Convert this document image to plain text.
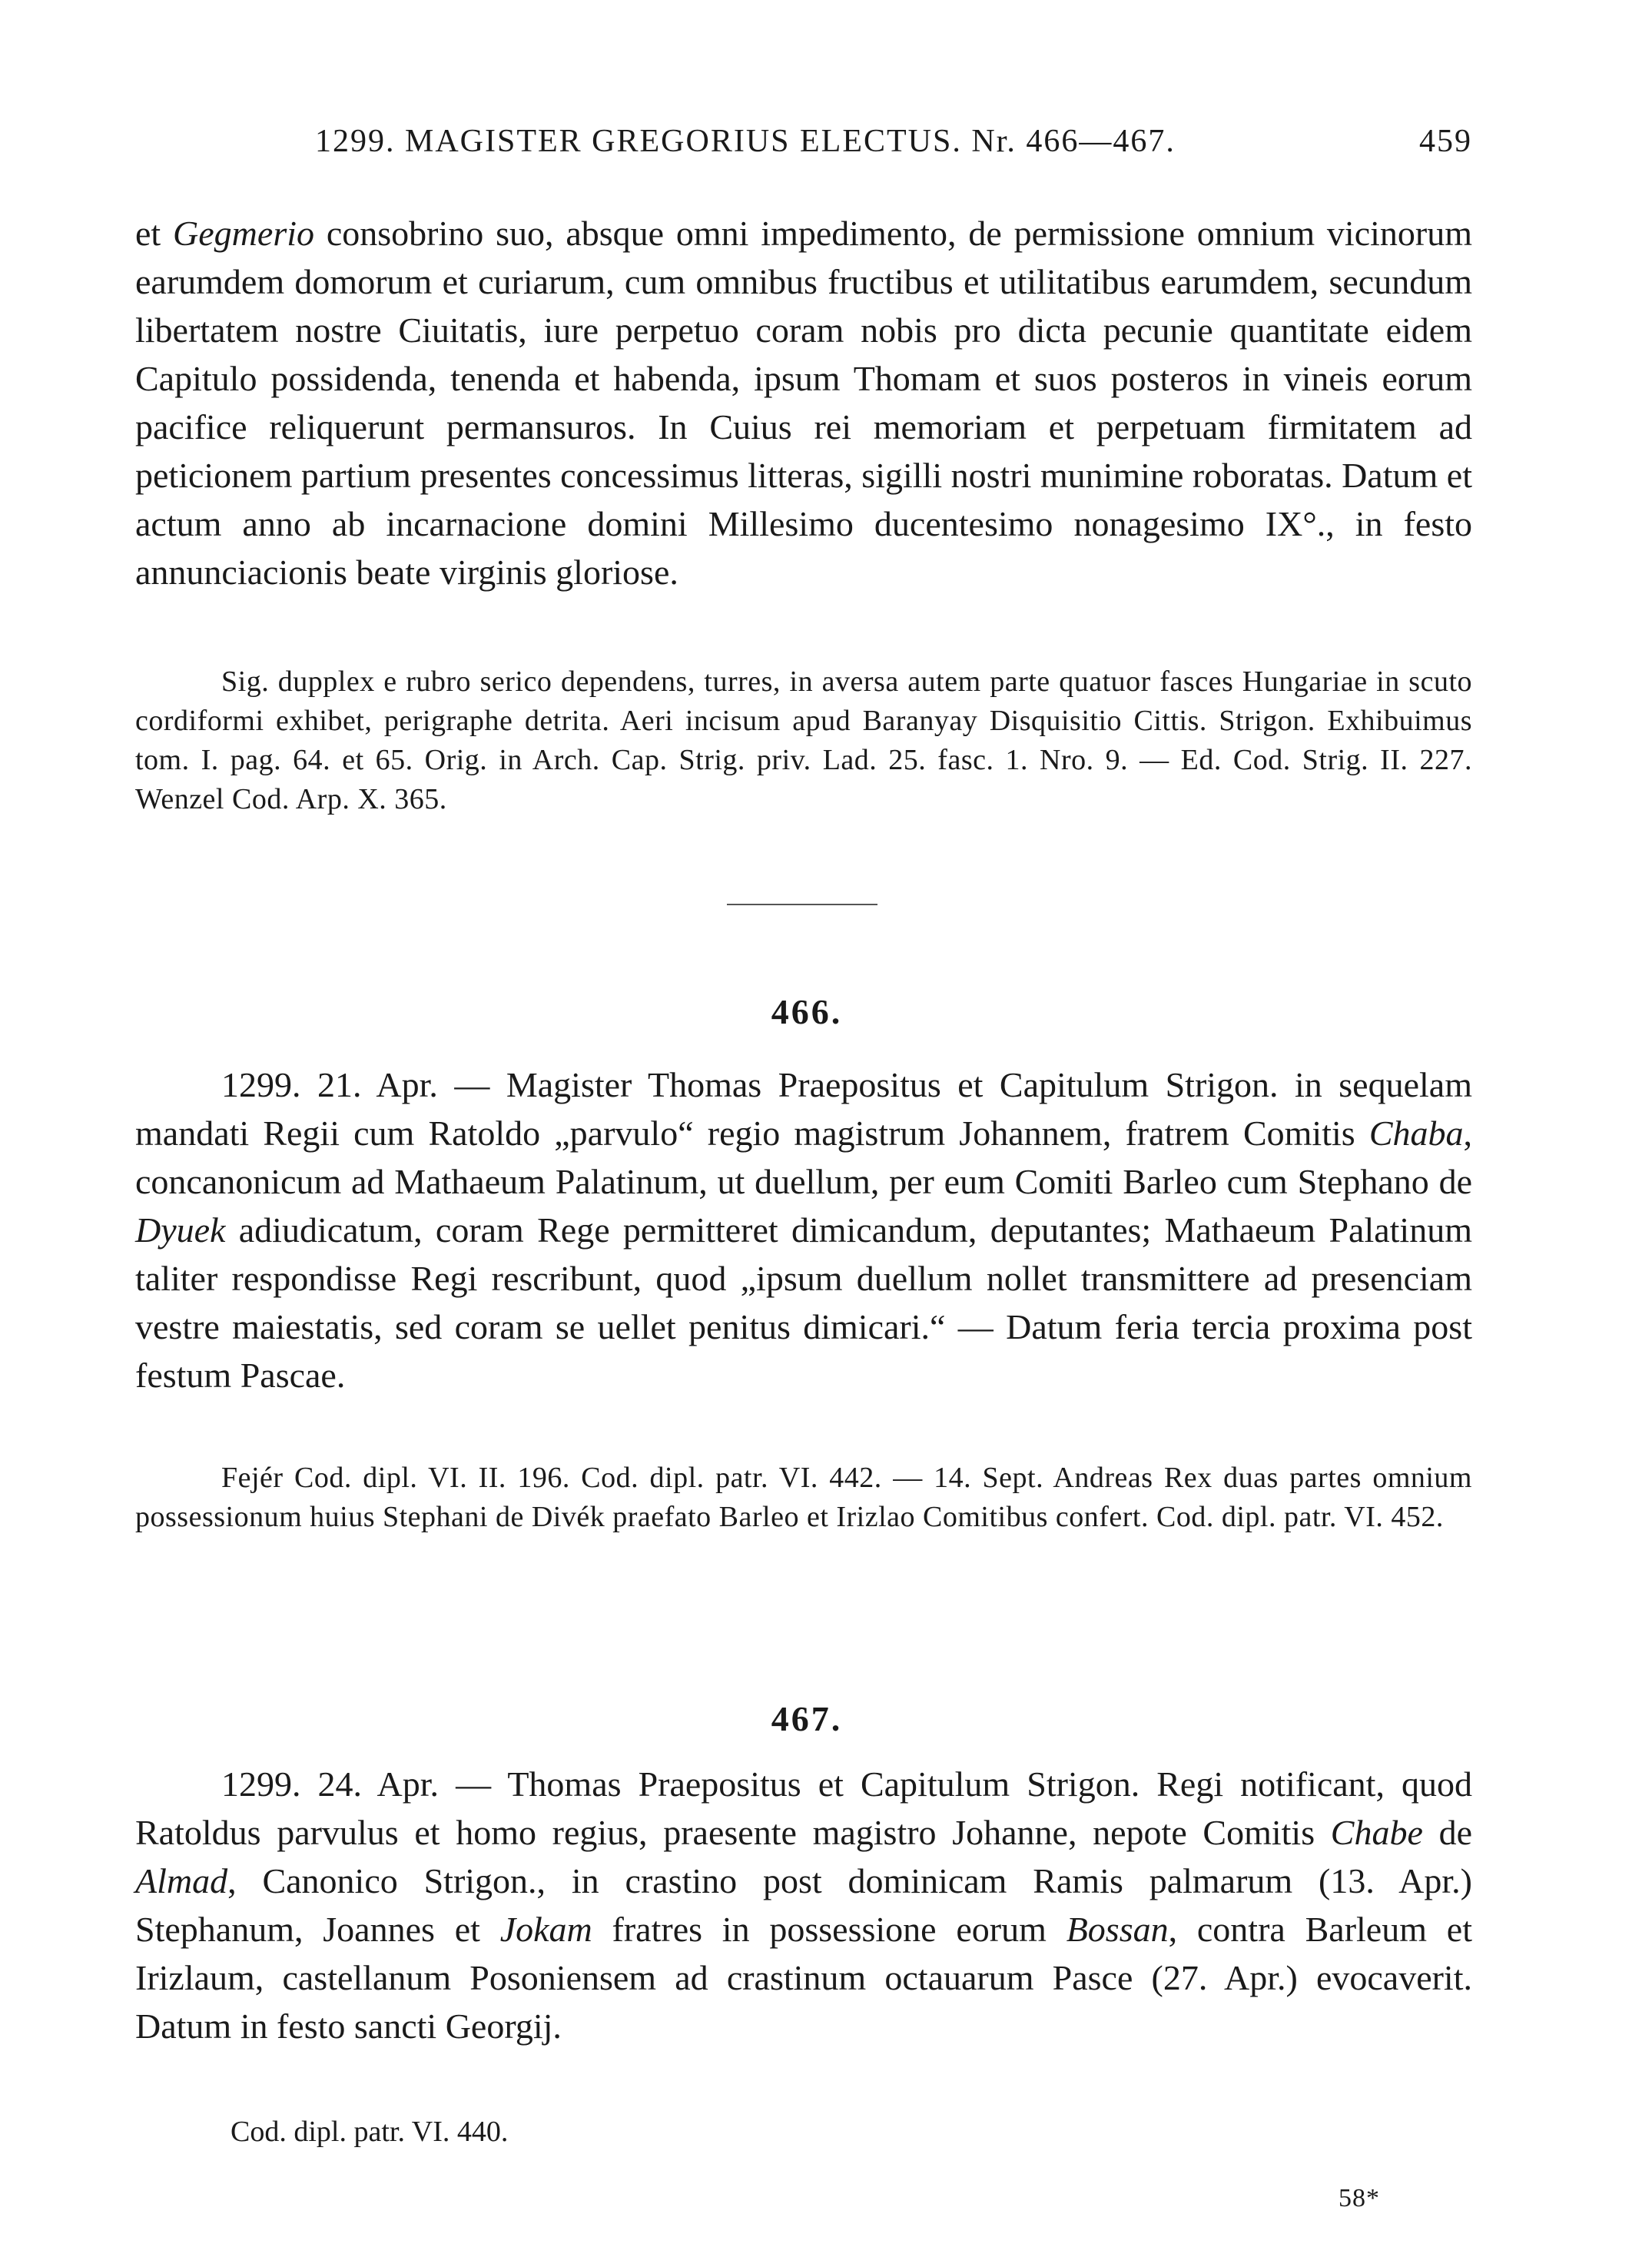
1299. MAGISTER GREGORIUS ELECTUS. Nr. 466—467.	459

et Gegmerio consobrino suo, absque omni impedimento, de permissione omnium vicinorum earumdem domorum et curiarum, cum omnibus fructibus et utilitatibus earumdem, secundum libertatem nostre Ciuitatis, iure perpetuo coram nobis pro dicta pecunie quantitate eidem Capitulo possidenda, tenenda et habenda, ipsum Thomam et suos posteros in vineis eorum pacifice reliquerunt permansuros. In Cuius rei memoriam et perpetuam firmitatem ad peticionem partium presentes concessimus litteras, sigilli nostri munimine roboratas. Datum et actum anno ab incarnacione domini Millesimo ducentesimo nonagesimo IX°., in festo annunciacionis beate virginis gloriose.

Sig. dupplex e rubro serico dependens, turres, in aversa autem parte quatuor fasces Hungariae in scuto cordiformi exhibet, perigraphe detrita. Aeri incisum apud Baranyay Disquisitio Cittis. Strigon. Exhibuimus tom. I. pag. 64. et 65. Orig. in Arch. Cap. Strig. priv. Lad. 25. fasc. 1. Nro. 9. — Ed. Cod. Strig. II. 227. Wenzel Cod. Arp. X. 365.

466.

1299. 21. Apr. — Magister Thomas Praepositus et Capitulum Strigon. in sequelam mandati Regii cum Ratoldo „parvulo“ regio magistrum Johannem, fratrem Comitis Chaba, concanonicum ad Mathaeum Palatinum, ut duellum, per eum Comiti Barleo cum Stephano de Dyuek adiudicatum, coram Rege permitteret dimicandum, deputantes; Mathaeum Palatinum taliter respondisse Regi rescribunt, quod „ipsum duellum nollet transmittere ad presenciam vestre maiestatis, sed coram se uellet penitus dimicari.“ — Datum feria tercia proxima post festum Pascae.

Fejér Cod. dipl. VI. II. 196. Cod. dipl. patr. VI. 442. — 14. Sept. Andreas Rex duas partes omnium possessionum huius Stephani de Divék praefato Barleo et Irizlao Comitibus confert. Cod. dipl. patr. VI. 452.

467.

1299. 24. Apr. — Thomas Praepositus et Capitulum Strigon. Regi notificant, quod Ratoldus parvulus et homo regius, praesente magistro Johanne, nepote Comitis Chabe de Almad, Canonico Strigon., in crastino post dominicam Ramis palmarum (13. Apr.) Stephanum, Joannes et Jokam fratres in possessione eorum Bossan, contra Barleum et Irizlaum, castellanum Posoniensem ad crastinum octauarum Pasce (27. Apr.) evocaverit. Datum in festo sancti Georgij.

Cod. dipl. patr. VI. 440.
58*
